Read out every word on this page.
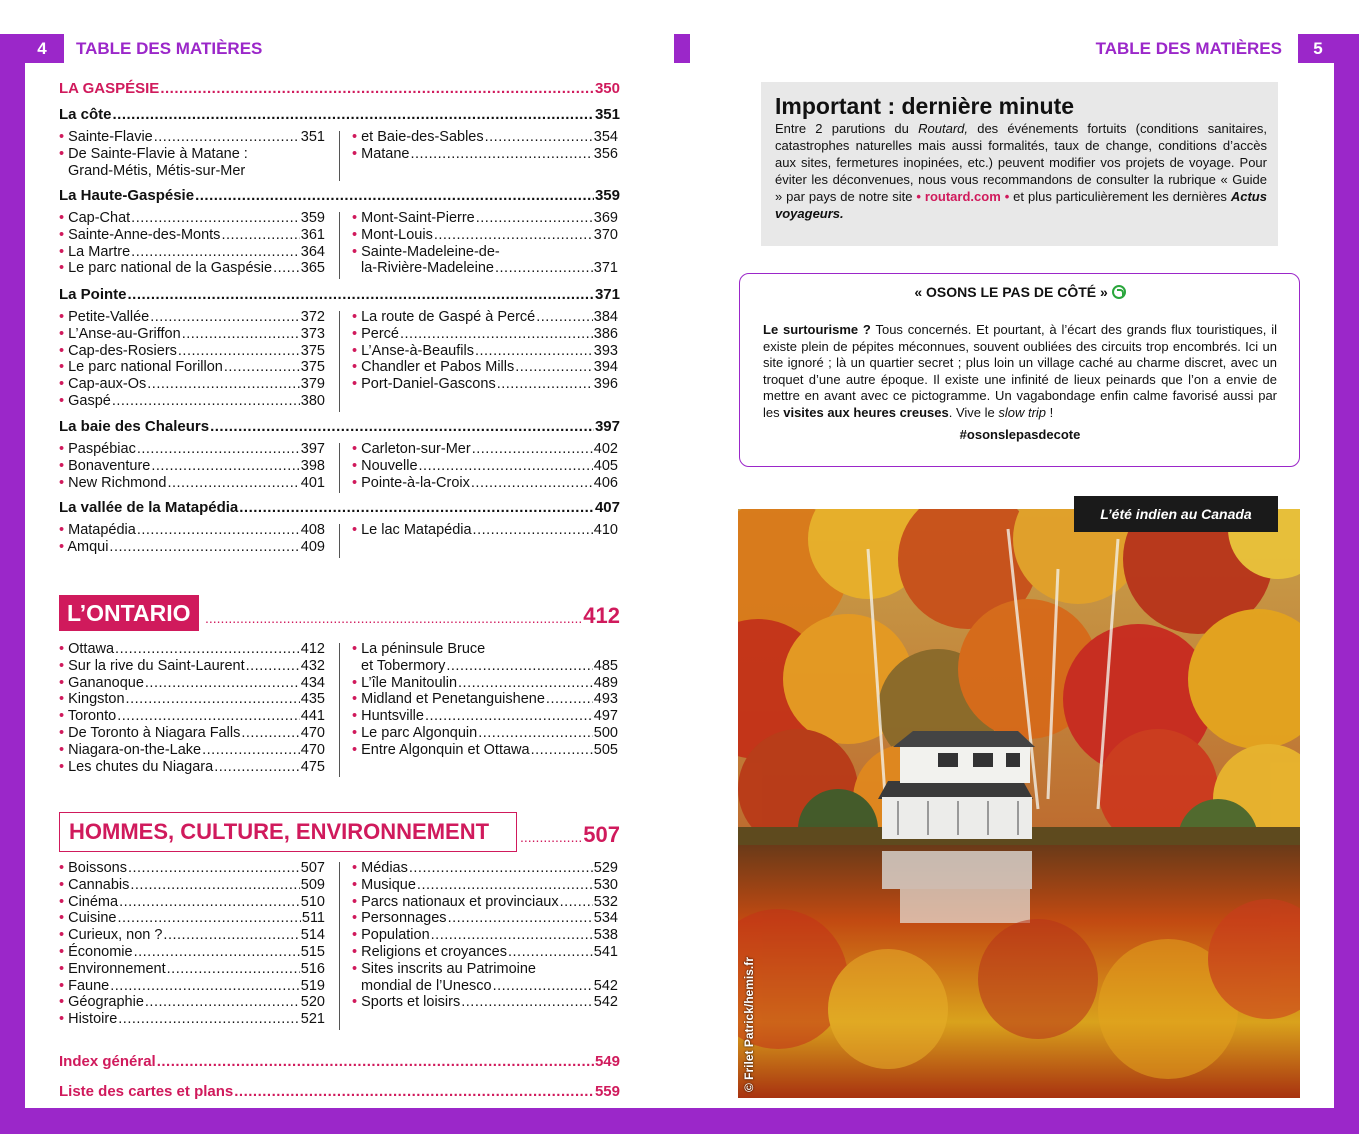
4	TABLE DES MATIÈRES	TABLE DES MATIÈRES	5
LA GASPÉSIE .....	350
La côte .....	351
• Sainte-Flavie .....	351
• De Sainte-Flavie à Matane :
Grand-Métis, Métis-sur-Mer
• et Baie-des-Sables .....	354
• Matane .....	356
La Haute-Gaspésie .....	359
• Cap-Chat .....	359
• Sainte-Anne-des-Monts .....	361
• La Martre .....	364
• Le parc national de la Gaspésie ..... 365
• Mont-Saint-Pierre .....	369
• Mont-Louis .....	370
• Sainte-Madeleine-de-
la-Rivière-Madeleine .....	371
La Pointe .....	371
• Petite-Vallée .....	372
• L’Anse-au-Griffon .....	373
• Cap-des-Rosiers .....	375
• Le parc national Forillon .....	375
• Cap-aux-Os .....	379
• Gaspé .....	380
• La route de Gaspé à Percé .....	384
• Percé .....	386
• L’Anse-à-Beaufils .....	393
• Chandler et Pabos Mills .....	394
• Port-Daniel-Gascons .....	396
La baie des Chaleurs .....	397
• Paspébiac .....	397
• Bonaventure .....	398
• New Richmond .....	401
• Carleton-sur-Mer .....	402
• Nouvelle .....	405
• Pointe-à-la-Croix .....	406
La vallée de la Matapédia .....	407
• Matapédia .....	408
• Amqui .....	409
• Le lac Matapédia .....	410
L’ONTARIO .....	412
• Ottawa .....	412
• Sur la rive du Saint-Laurent .....	432
• Gananoque .....	434
• Kingston .....	435
• Toronto .....	441
• De Toronto à Niagara Falls .....	470
• Niagara-on-the-Lake .....	470
• Les chutes du Niagara .....	475
• La péninsule Bruce
et Tobermory .....	485
• L’île Manitoulin .....	489
• Midland et Penetanguishene .....	493
• Huntsville .....	497
• Le parc Algonquin .....	500
• Entre Algonquin et Ottawa .....	505
HOMMES, CULTURE, ENVIRONNEMENT .....	507
• Boissons .....	507
• Cannabis .....	509
• Cinéma .....	510
• Cuisine .....	511
• Curieux, non ? .....	514
• Économie .....	515
• Environnement .....	516
• Faune .....	519
• Géographie .....	520
• Histoire .....	521
• Médias .....	529
• Musique .....	530
• Parcs nationaux et provinciaux ..... 532
• Personnages .....	534
• Population .....	538
• Religions et croyances .....	541
• Sites inscrits au Patrimoine
mondial de l’Unesco .....	542
• Sports et loisirs .....	542
Index général .....	549
Liste des cartes et plans .....	559
Important : dernière minute

Entre 2 parutions du Routard, des événements fortuits (conditions sanitaires, catastrophes naturelles mais aussi formalités, taux de change, conditions d’accès aux sites, fermetures inopinées, etc.) peuvent modifier vos projets de voyage. Pour éviter les déconvenues, nous vous recommandons de consulter la rubrique « Guide » par pays de notre site • routard.com • et plus particulièrement les dernières Actus voyageurs.

« OSONS LE PAS DE CÔTÉ »

Le surtourisme ? Tous concernés. Et pourtant, à l’écart des grands flux touristiques, il existe plein de pépites méconnues, souvent oubliées des circuits trop encombrés. Ici un site ignoré ; là un quartier secret ; plus loin un village caché au charme discret, avec un troquet d’une autre époque. Il existe une infinité de lieux peinards que l’on a envie de mettre en avant avec ce pictogramme. Un vagabondage enfin calme favorisé aussi par les visites aux heures creuses. Vive le slow trip !

#osonslepasdecote

L’été indien au Canada
© Frilet Patrick/hemis.fr
